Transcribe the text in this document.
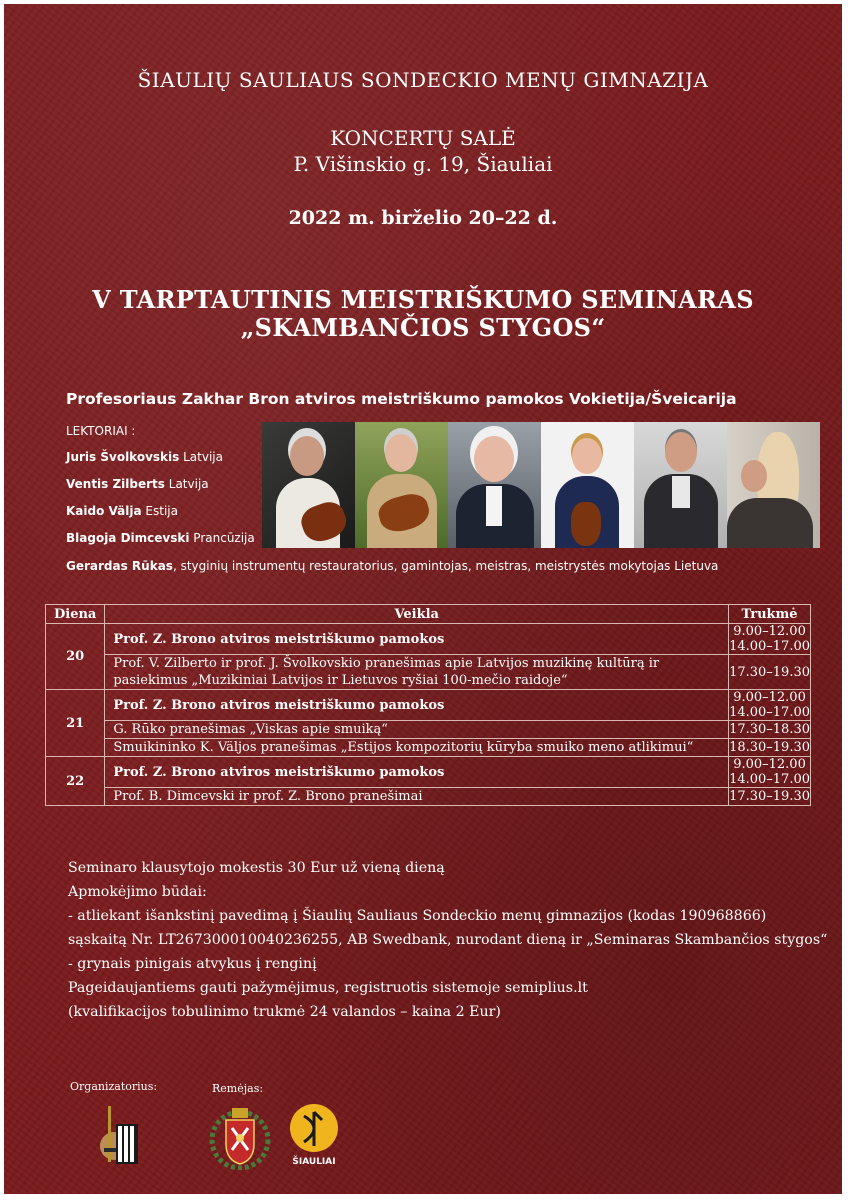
ŠIAULIŲ SAULIAUS SONDECKIO MENŲ GIMNAZIJA
KONCERTŲ SALĖ
P. Višinskio g. 19, Šiauliai
2022 m. birželio 20–22 d.
V TARPTAUTINIS MEISTRIŠKUMO SEMINARAS
„SKAMBANČIOS STYGOS“
Profesoriaus Zakhar Bron atviros meistriškumo pamokos Vokietija/Šveicarija
LEKTORIAI :
Juris Švolkovskis Latvija
Ventis Zilberts Latvija
Kaido Välja Estija
Blagoja Dimcevski Prancūzija
Gerardas Rūkas, styginių instrumentų restauratorius, gamintojas, meistras, meistrystės mokytojas Lietuva
Diena	Veikla	Trukmė
20	Prof. Z. Brono atviros meistriškumo pamokos	9.00–12.00
14.00–17.00

	Prof. V. Zilberto ir prof. J. Švolkovskio pranešimas apie Latvijos muzikinę kultūrą ir pasiekimus „Muzikiniai Latvijos ir Lietuvos ryšiai 100-mečio raidoje“	17.30–19.30
21	Prof. Z. Brono atviros meistriškumo pamokos	9.00–12.00
14.00–17.00

	G. Rūko pranešimas „Viskas apie smuiką“	17.30–18.30
	Smuikininko K. Väljos pranešimas „Estijos kompozitorių kūryba smuiko meno atlikimui“	18.30–19.30
22	Prof. Z. Brono atviros meistriškumo pamokos	9.00–12.00
14.00–17.00

	Prof. B. Dimcevski ir prof. Z. Brono pranešimai	17.30–19.30
Seminaro klausytojo mokestis 30 Eur už vieną dieną
Apmokėjimo būdai:
- atliekant išankstinį pavedimą į Šiaulių Sauliaus Sondeckio menų gimnazijos (kodas 190968866)
sąskaitą Nr. LT267300010040236255, AB Swedbank, nurodant dieną ir „Seminaras Skambančios stygos“
- grynais pinigais atvykus į renginį
Pageidaujantiems gauti pažymėjimus, registruotis sistemoje semiplius.lt
(kvalifikacijos tobulinimo trukmė 24 valandos – kaina 2 Eur)
Organizatorius:	Remėjas:
ŠIAULIAI
